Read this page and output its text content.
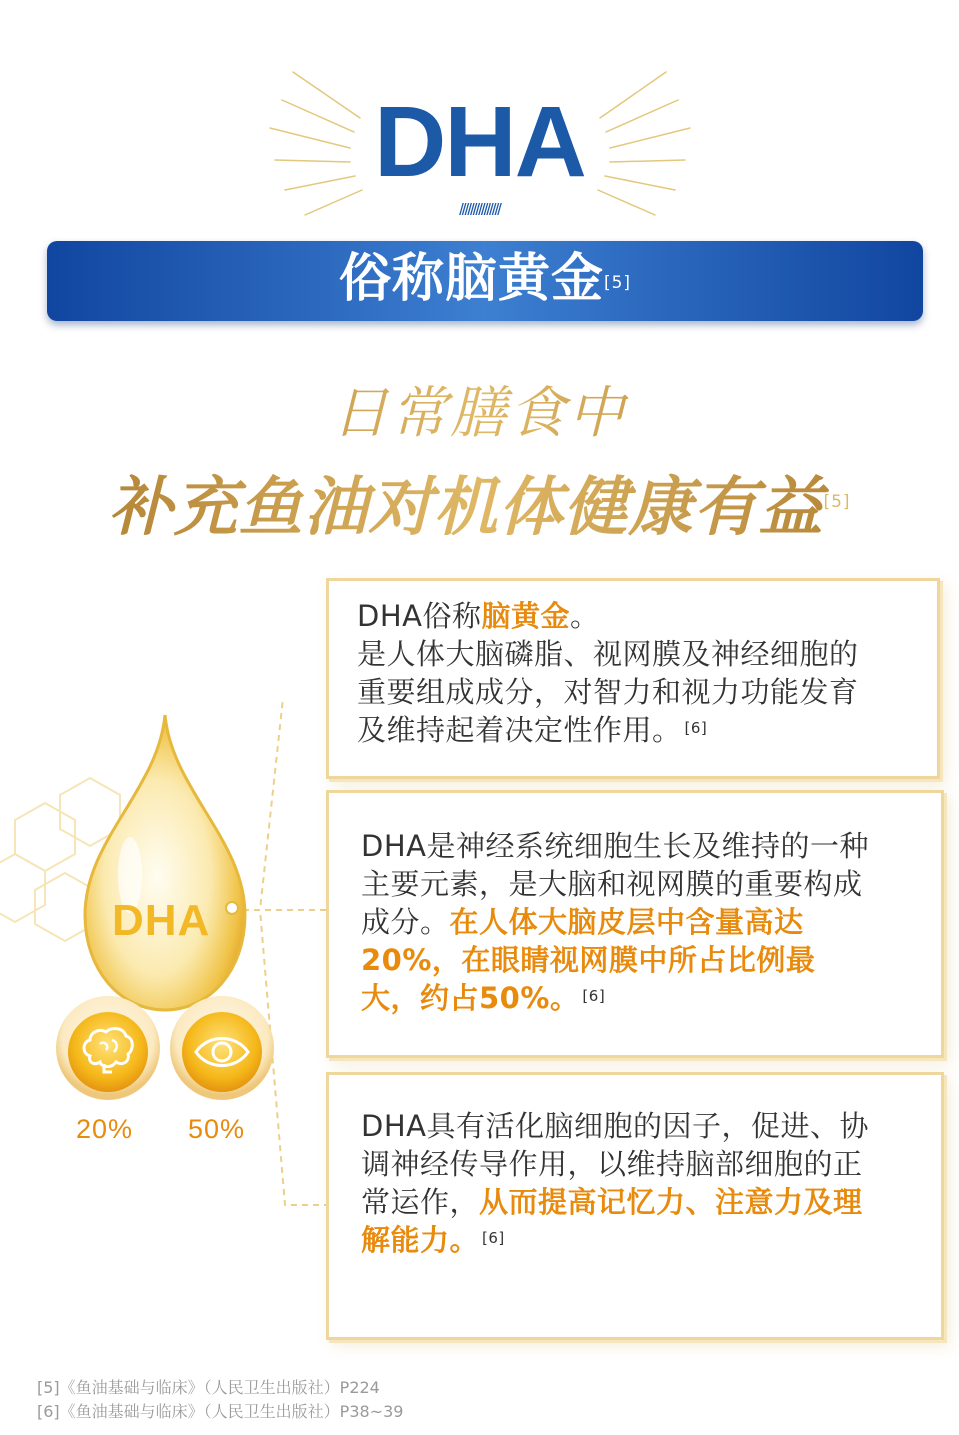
DHA
///////////////
俗称脑黄金[5]
日常膳食中
补充鱼油对机体健康有益[5]
DHA
20% 50%
DHA俗称脑黄金。
是人体大脑磷脂、视网膜及神经细胞的
重要组成成分，对智力和视力功能发育
及维持起着决定性作用。 [6]
DHA是神经系统细胞生长及维持的一种
主要元素，是大脑和视网膜的重要构成
成分。在人体大脑皮层中含量高达
20%，在眼睛视网膜中所占比例最
大，约占50%。 [6]
DHA具有活化脑细胞的因子，促进、协
调神经传导作用，以维持脑部细胞的正
常运作，从而提高记忆力、注意力及理
解能力。 [6]
[5]《鱼油基础与临床》（人民卫生出版社）P224
[6]《鱼油基础与临床》（人民卫生出版社）P38~39
